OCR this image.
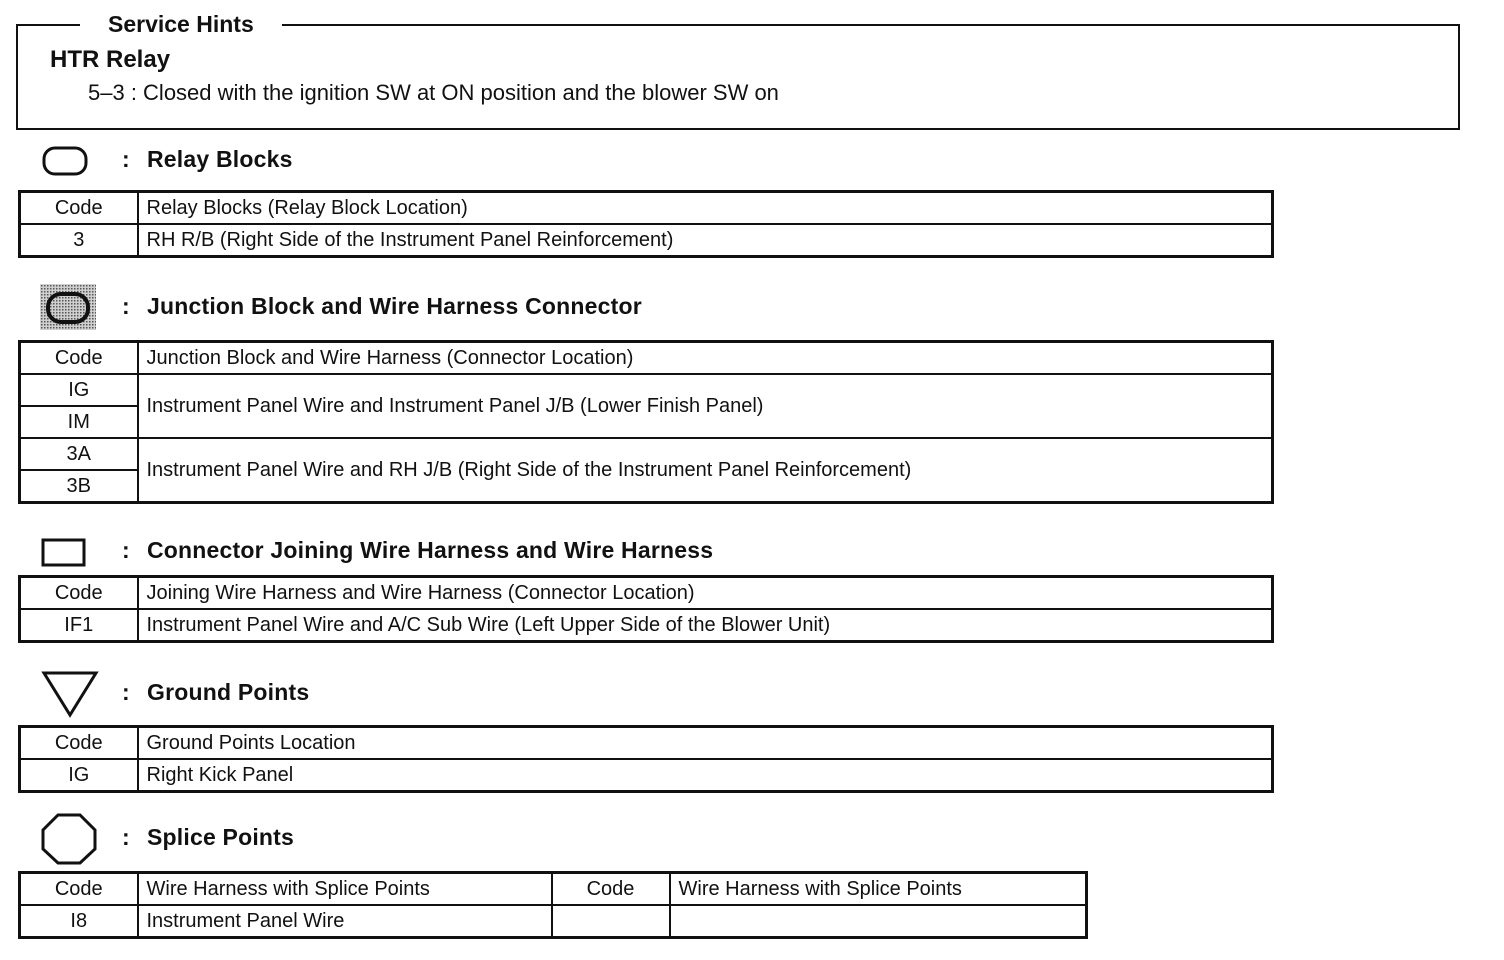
Service Hints
HTR Relay
5–3 : Closed with the ignition SW at ON position and the blower SW on
: Relay Blocks
Code	Relay Blocks (Relay Block Location)
3	RH R/B (Right Side of the Instrument Panel Reinforcement)
: Junction Block and Wire Harness Connector
Code	Junction Block and Wire Harness (Connector Location)
IG	Instrument Panel Wire and Instrument Panel J/B (Lower Finish Panel)
IM	
3A	Instrument Panel Wire and RH J/B (Right Side of the Instrument Panel Reinforcement)
3B	
: Connector Joining Wire Harness and Wire Harness
Code	Joining Wire Harness and Wire Harness (Connector Location)
IF1	Instrument Panel Wire and A/C Sub Wire (Left Upper Side of the Blower Unit)
: Ground Points
Code	Ground Points Location
IG	Right Kick Panel
: Splice Points
Code	Wire Harness with Splice Points	Code	Wire Harness with Splice Points
I8	Instrument Panel Wire		
